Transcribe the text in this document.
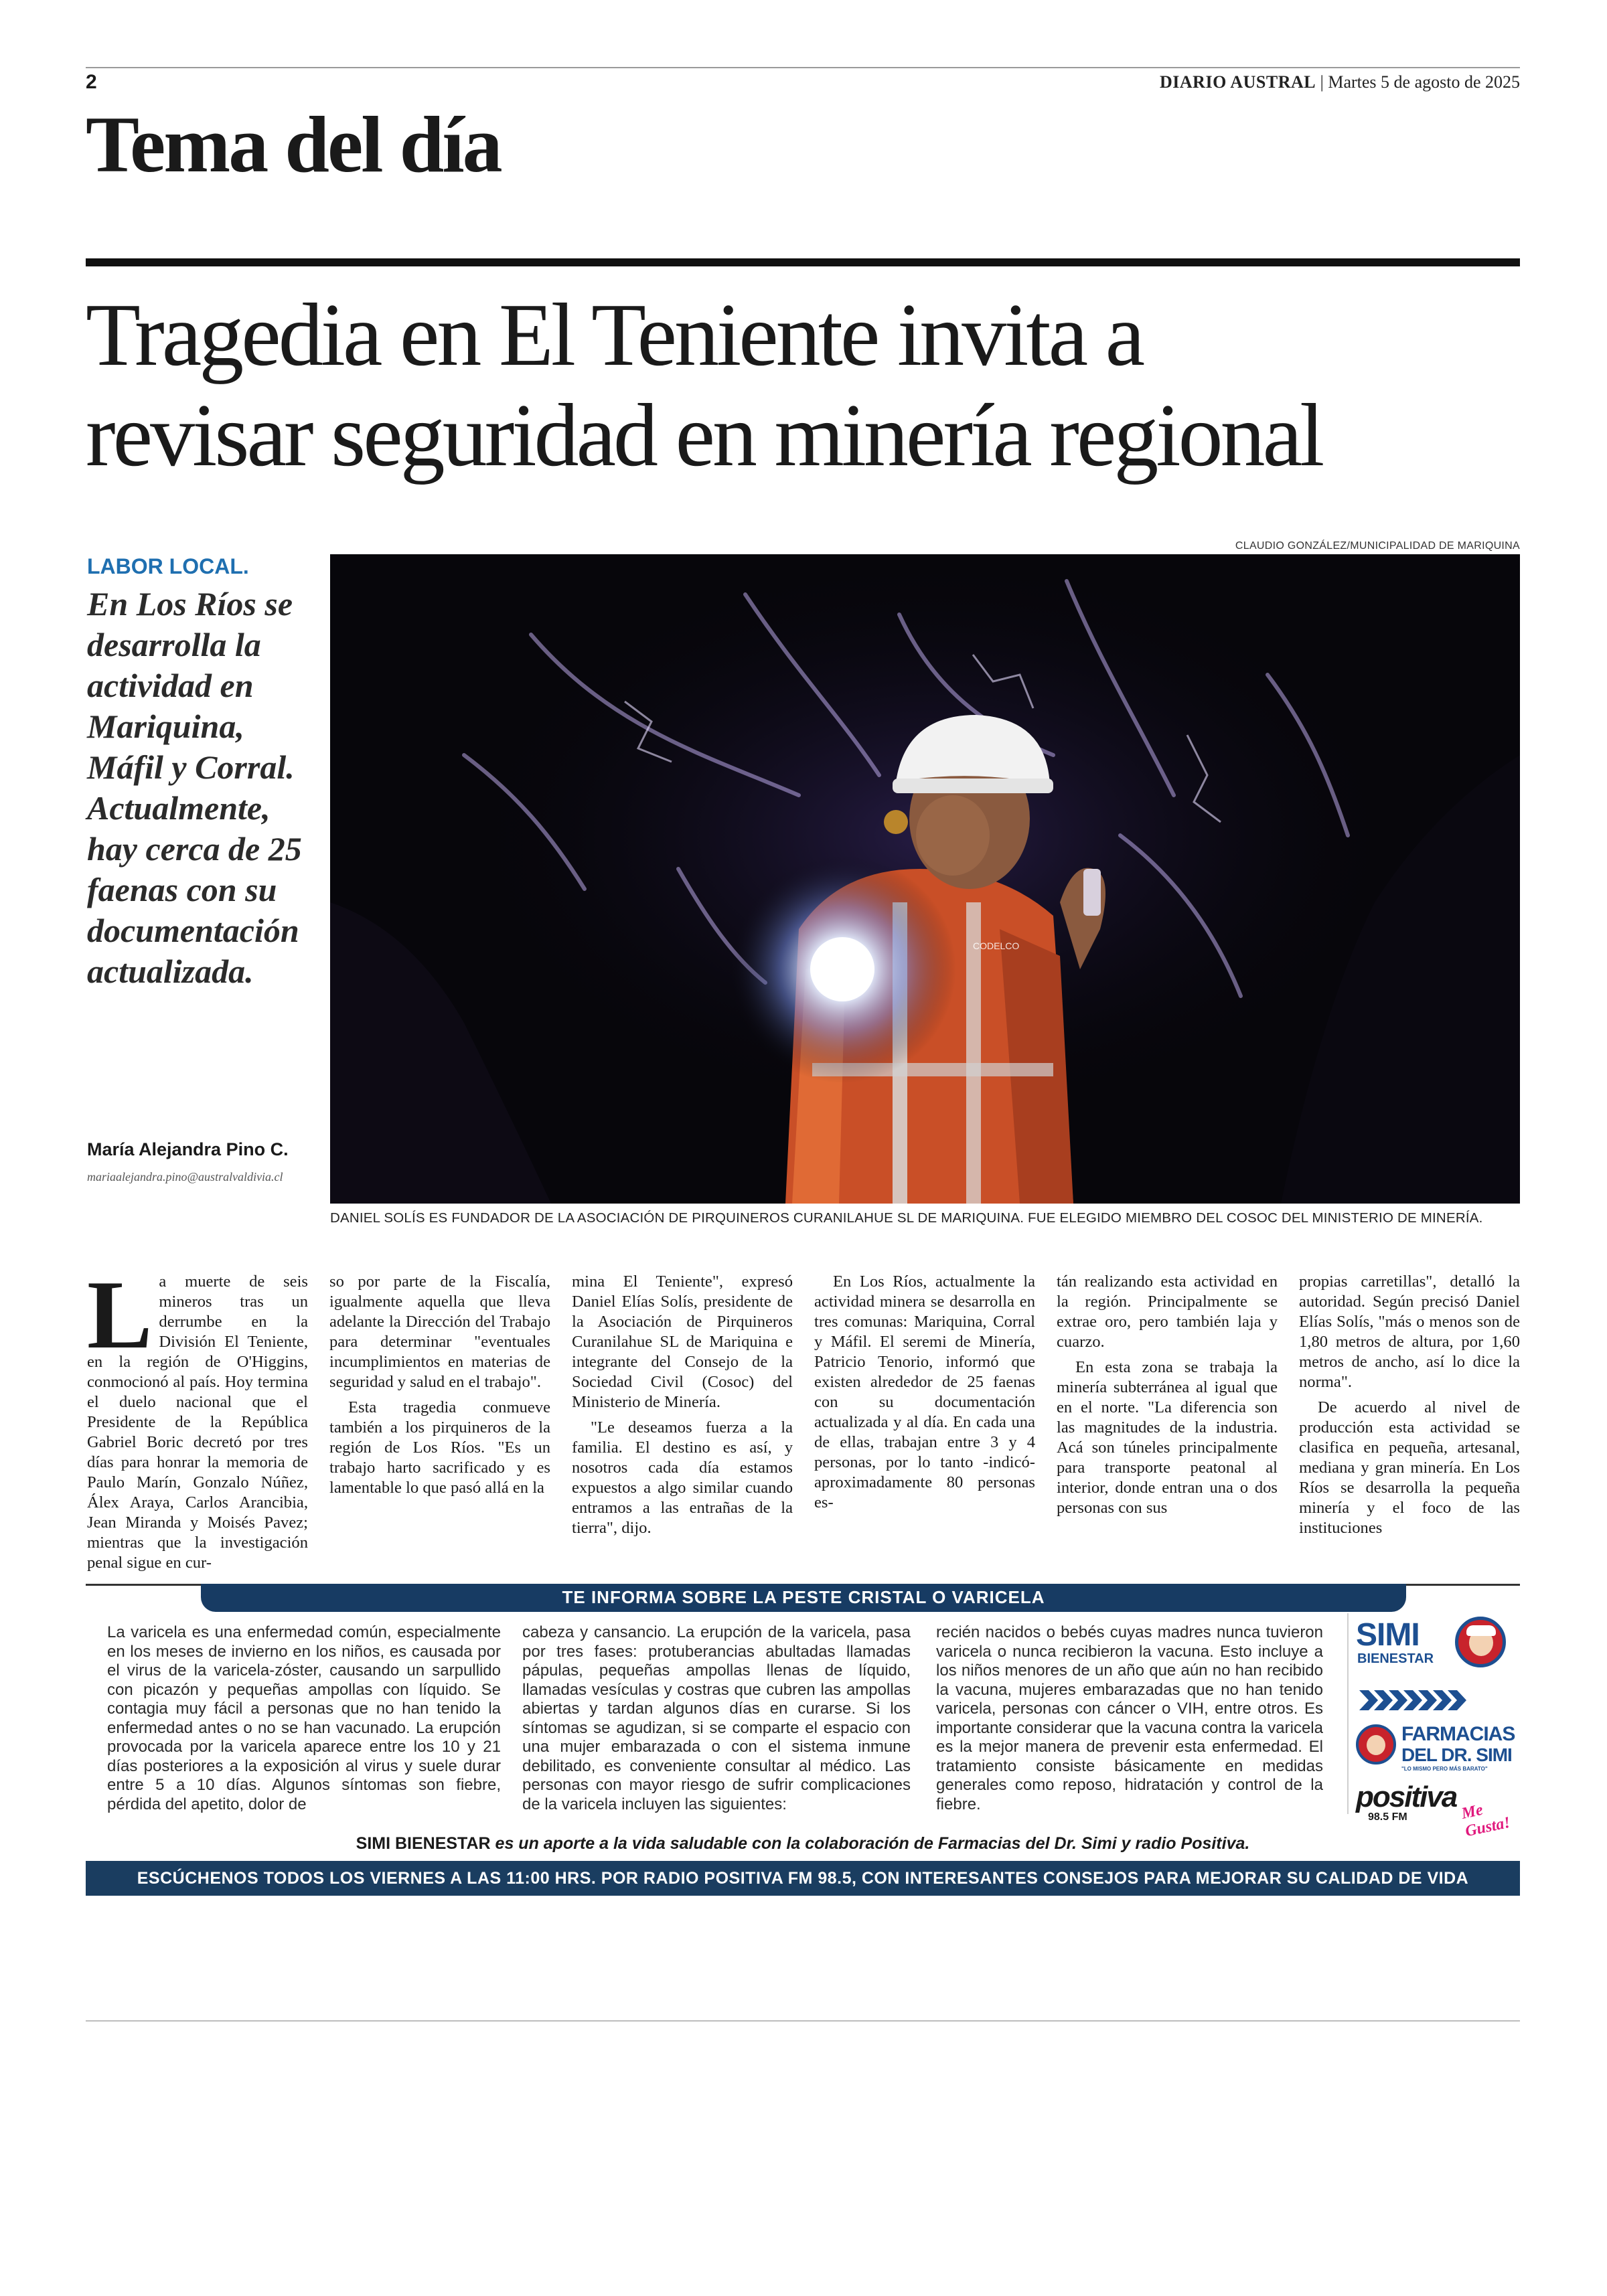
2	DIARIO AUSTRAL | Martes 5 de agosto de 2025
Tema del día
Tragedia en El Teniente invita a
revisar seguridad en minería regional
LABOR LOCAL.
En Los Ríos se desarrolla la actividad en Mariquina, Máfil y Corral. Actualmente, hay cerca de 25 faenas con su documentación actualizada.
María Alejandra Pino C.
mariaalejandra.pino@australvaldivia.cl
CLAUDIO GONZÁLEZ/MUNICIPALIDAD DE MARIQUINA
CODELCO
DANIEL SOLÍS ES FUNDADOR DE LA ASOCIACIÓN DE PIRQUINEROS CURANILAHUE SL DE MARIQUINA. FUE ELEGIDO MIEMBRO DEL COSOC DEL MINISTERIO DE MINERÍA.
L a muerte de seis mineros tras un derrumbe en la División El Teniente, en la región de O'Higgins, conmocionó al país. Hoy termina el duelo nacional que el Presidente de la República Gabriel Boric decretó por tres días para honrar la memoria de Paulo Marín, Gonzalo Núñez, Álex Araya, Carlos Arancibia, Jean Miranda y Moisés Pavez; mientras que la investigación penal sigue en cur-

so por parte de la Fiscalía, igualmente aquella que lleva adelante la Dirección del Trabajo para determinar "eventuales incumplimientos en materias de seguridad y salud en el trabajo".

Esta tragedia conmueve también a los pirquineros de la región de Los Ríos. "Es un trabajo harto sacrificado y es lamentable lo que pasó allá en la

mina El Teniente", expresó Daniel Elías Solís, presidente de la Asociación de Pirquineros Curanilahue SL de Mariquina e integrante del Consejo de la Sociedad Civil (Cosoc) del Ministerio de Minería.

"Le deseamos fuerza a la familia. El destino es así, y nosotros cada día estamos expuestos a algo similar cuando entramos a las entrañas de la tierra", dijo.

En Los Ríos, actualmente la actividad minera se desarrolla en tres comunas: Mariquina, Corral y Máfil. El seremi de Minería, Patricio Tenorio, informó que existen alrededor de 25 faenas con su documentación actualizada y al día. En cada una de ellas, trabajan entre 3 y 4 personas, por lo tanto -indicó- aproximadamente 80 personas es-

tán realizando esta actividad en la región. Principalmente se extrae oro, pero también laja y cuarzo.

En esta zona se trabaja la minería subterránea al igual que en el norte. "La diferencia son las magnitudes de la industria. Acá son túneles principalmente para transporte peatonal al interior, donde entran una o dos personas con sus

propias carretillas", detalló la autoridad. Según precisó Daniel Elías Solís, "más o menos son de 1,80 metros de altura, por 1,60 metros de ancho, así lo dice la norma".

De acuerdo al nivel de producción esta actividad se clasifica en pequeña, artesanal, mediana y gran minería. En Los Ríos se desarrolla la pequeña minería y el foco de las instituciones

TE INFORMA SOBRE LA PESTE CRISTAL O VARICELA

La varicela es una enfermedad común, especialmente en los meses de invierno en los niños, es causada por el virus de la varicela-zóster, causando un sarpullido con picazón y pequeñas ampollas con líquido. Se contagia muy fácil a personas que no han tenido la enfermedad antes o no se han vacunado. La erupción provocada por la varicela aparece entre los 10 y 21 días posteriores a la exposición al virus y suele durar entre 5 a 10 días. Algunos síntomas son fiebre, pérdida del apetito, dolor de

cabeza y cansancio. La erupción de la varicela, pasa por tres fases: protuberancias abultadas llamadas pápulas, pequeñas ampollas llenas de líquido, llamadas vesículas y costras que cubren las ampollas abiertas y tardan algunos días en curarse. Si los síntomas se agudizan, si se comparte el espacio con una mujer embarazada o con el sistema inmune debilitado, es conveniente consultar al médico. Las personas con mayor riesgo de sufrir complicaciones de la varicela incluyen las siguientes:

recién nacidos o bebés cuyas madres nunca tuvieron varicela o nunca recibieron la vacuna. Esto incluye a los niños menores de un año que aún no han recibido la vacuna, mujeres embarazadas que no han tenido varicela, personas con cáncer o VIH, entre otros. Es importante considerar que la vacuna contra la varicela es la mejor manera de prevenir esta enfermedad. El tratamiento consiste básicamente en medidas generales como reposo, hidratación y control de la fiebre.

SIMI
BIENESTAR
FARMACIAS
DEL DR. SIMI
"LO MISMO PERO MÁS BARATO"
positiva
98.5 FM	Me Gusta!
SIMI BIENESTAR es un aporte a la vida saludable con la colaboración de Farmacias del Dr. Simi y radio Positiva.
ESCÚCHENOS TODOS LOS VIERNES A LAS 11:00 HRS. POR RADIO POSITIVA FM 98.5, CON INTERESANTES CONSEJOS PARA MEJORAR SU CALIDAD DE VIDA
